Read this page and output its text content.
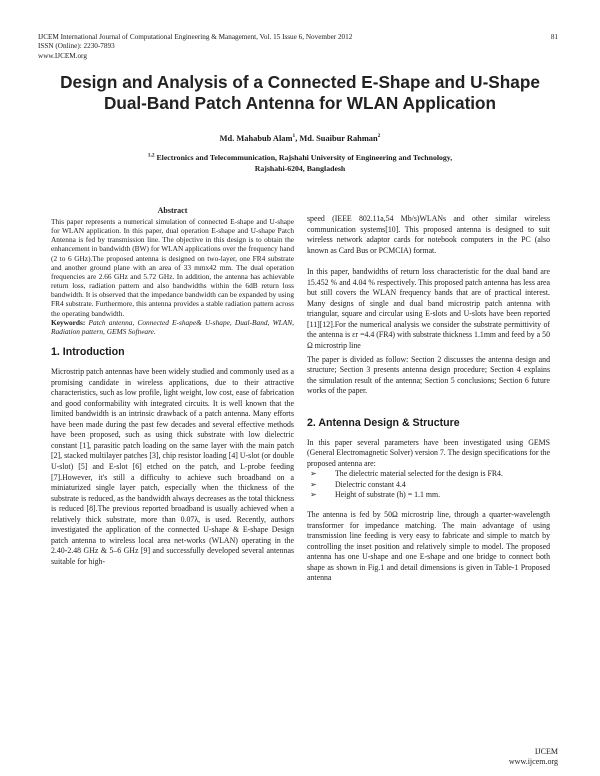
IJCEM International Journal of Computational Engineering & Management, Vol. 15 Issue 6, November 2012
ISSN (Online): 2230-7893
www.IJCEM.org
81
Design and Analysis of a Connected E-Shape and U-Shape
Dual-Band Patch Antenna for WLAN Application
Md. Mahabub Alam$^1$, Md. Suaibur Rahman$^2$
$^{1,2}$ Electronics and Telecommunication, Rajshahi University of Engineering and Technology,
Rajshahi-6204, Bangladesh
Abstract

This paper represents a numerical simulation of connected E-shape and U-shape for WLAN application. In this paper, dual operation E-shape and U-shape Patch Antenna is fed by transmission line. The objective in this design is to obtain the enhancement in bandwidth (BW) for WLAN applications over the frequency hand (2 to 6 GHz).The proposed antenna is designed on two-layer, one FR4 substrate and another ground plane with an area of 33 mmx42 mm. The dual operation frequencies are 2.66 GHz and 5.72 GHz. In addition, the antenna has achievable return loss, radiation pattern and also bandwidths within the 6dB return loss bandwidth. It is observed that the impedance bandwidth can be expanded by using FR4 substrate. Furthermore, this antenna provides a stable radiation pattern across the operating bandwidth.

Keywords: Patch antenna, Connected E-shape& U-shape, Dual-Band, WLAN, Radiation pattern, GEMS Software.

1. Introduction

Microstrip patch antennas have been widely studied and commonly used as a promising candidate in wireless applications, due to their attractive characteristics, such as low profile, light weight, low cost, ease of fabrication and good conformability with integrated circuits. It is well known that the limited bandwidth is an intrinsic drawback of a patch antenna. Many efforts have been made during the past few decades and several effective methods have been proposed, such as using thick substrate with low dielectric constant [1], parasitic patch loading on the same layer with the main patch [2], stacked multilayer patches [3], chip resistor loading [4] U-slot (or double U-slot) [5] and E-slot [6] etched on the patch, and L-probe feeding [7].However, it's still a difficulty to achieve such broadband on a miniaturized single layer patch, especially when the thickness of the substrate is reduced, as the bandwidth always decreases as the total thickness is reduced [8].The previous reported broadband is usually achieved when a relatively thick substrate, more than 0.07λ, is used. Recently, authors investigated the application of the connected U-shape & E-shape Design patch antenna to wireless local area net-works (WLAN) operating in the 2.40-2.48 GHz & 5–6 GHz [9] and successfully developed several antennas suitable for high-

speed (IEEE 802.11a,54 Mb/s)WLANs and other similar wireless communication systems[10]. This proposed antenna is designed to suit wireless network adaptor cards for notebook computers in the PC (also known as Card Bus or PCMCIA) format.

In this paper, bandwidths of return loss characteristic for the dual band are 15.452 % and 4.04 % respectively. This proposed patch antenna has less area but still covers the WLAN frequency bands that are of practical interest. Many designs of single and dual band microstrip patch antenna with triangular, square and circular using E-slots and U-slots have been reported [11][12].For the numerical analysis we consider the substrate permittivity of the antenna is εr =4.4 (FR4) with substrate thickness 1.1mm and feed by a 50 Ω microstrip line

The paper is divided as follow: Section 2 discusses the antenna design and structure; Section 3 presents antenna design procedure; Section 4 explains the simulation result of the antenna; Section 5 conclusions; Section 6 future works of the paper.

2. Antenna Design & Structure

In this paper several parameters have been investigated using GEMS (General Electromagnetic Solver) version 7. The design specifications for the proposed antenna are:

➢	The dielectric material selected for the design is FR4.
➢	Dielectric constant 4.4
➢	Height of substrate (h) = 1.1 mm.

The antenna is fed by 50Ω microstrip line, through a quarter-wavelength transformer for impedance matching. The main advantage of using transmission line feeding is very easy to fabricate and simple to match by controlling the inset position and relatively simple to model. The proposed antenna has one U-shape and one E-shape and one bridge to connect both shape as shown in Fig.1 and detail dimensions is given in Table-1 Proposed antenna

IJCEM
www.ijcem.org
